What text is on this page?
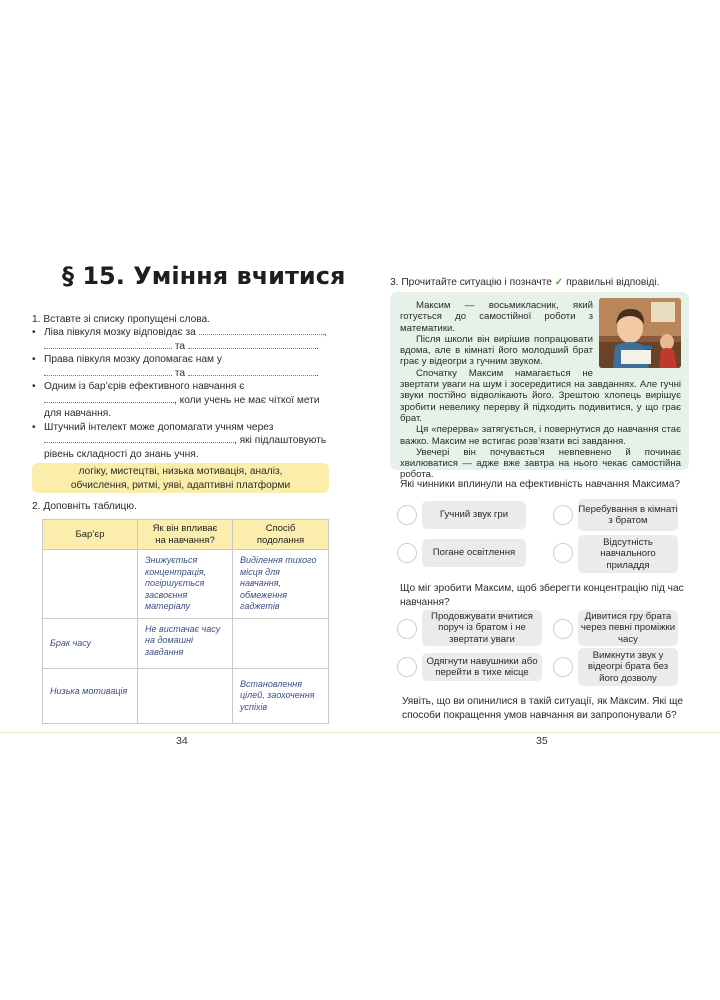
§ 15. Уміння вчитися
1. Вставте зі списку пропущені слова.
• Ліва півкуля мозку відповідає за	,
та	.
• Права півкуля мозку допомагає нам у
та	.
• Одним із бар’єрів ефективного навчання є
, коли учень не має чіткої мети
для навчання.
• Штучний інтелект може допомагати учням через
, які підлаштовують
рівень складності до знань учня.
логіку, мистецтві, низька мотивація, аналіз,
обчислення, ритмі, уяві, адаптивні платформи
2. Доповніть таблицю.
Бар’єр	Як він впливає на навчання?	Спосіб подолання
	Знижується концентрація, погіршується засвоєння матеріалу	Виділення тихого місця для навчання, обмеження гаджетів
Брак часу	Не вистачає часу на домашні завдання	
Низька мотивація		Встановлення цілей, заохочення успіхів
34
3. Прочитайте ситуацію і позначте ✓ правильні відповіді.

Максим — восьмикласник, який готується до самостійної роботи з математики.

Після школи він вирішив попрацювати вдома, але в кімнаті його молодший брат грає у відеогри з гучним звуком.

Спочатку Максим намагається не звертати уваги на шум і зосередитися на завданнях. Але гучні звуки постійно відволікають його. Зрештою хлопець вирішує зробити невелику перерву й підходить подивитися, у що грає брат.

Ця «перерва» затягується, і повернутися до навчання стає важко. Максим не встигає розв’язати всі завдання.

Увечері він почувається невпевнено й починає хвилюватися — адже вже завтра на нього чекає самостійна робота.

Які чинники вплинули на ефективність навчання Максима?
Гучний звук гри
Перебування в кімнаті з братом
Погане освітлення
Відсутність навчального приладдя
Що міг зробити Максим, щоб зберегти концентрацію під час навчання?
Продовжувати вчитися поруч із братом і не звертати уваги
Дивитися гру брата через певні проміжки часу
Одягнути навушники або перейти в тихе місце
Вимкнути звук у відеогрі брата без його дозволу
Уявіть, що ви опинилися в такій ситуації, як Максим. Які ще способи покращення умов навчання ви запропонували б?
35
